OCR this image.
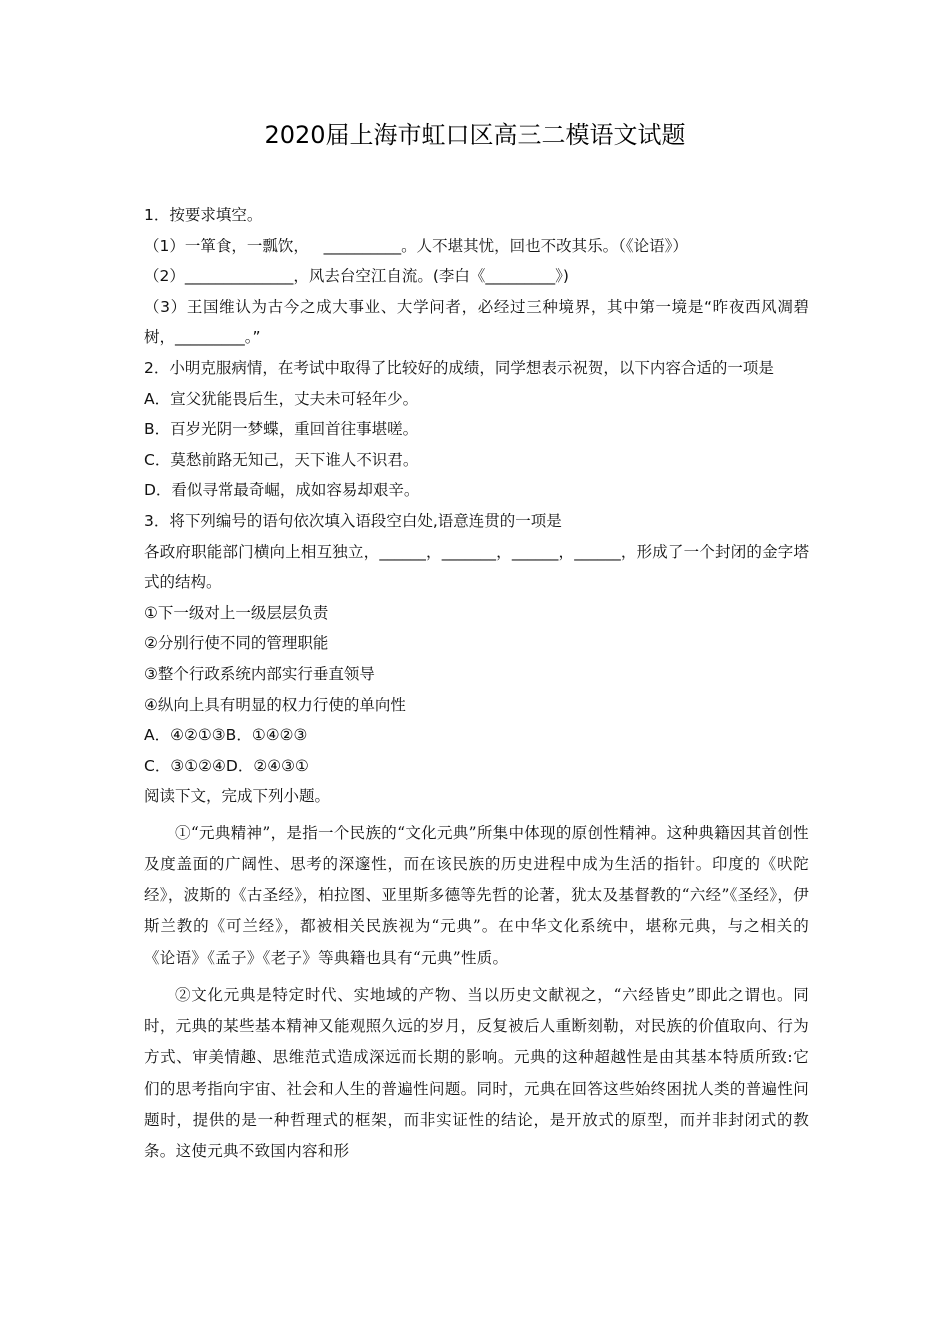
2020届上海市虹口区高三二模语文试题
1．按要求填空。
（1）一箪食，一瓢饮，   __________。人不堪其忧，回也不改其乐。（《论语》）
（2）______________，风去台空江自流。(李白《_________》)
（3）王国维认为古今之成大事业、大学问者，必经过三种境界，其中第一境是“昨夜西风凋碧树，_________。”
2．小明克服病情，在考试中取得了比较好的成绩，同学想表示祝贺，以下内容合适的一项是
A．宣父犹能畏后生，丈夫未可轻年少。
B．百岁光阴一梦蝶，重回首往事堪嗟。
C．莫愁前路无知己，天下谁人不识君。
D．看似寻常最奇崛，成如容易却艰辛。
3．将下列编号的语句依次填入语段空白处,语意连贯的一项是
各政府职能部门横向上相互独立，______，_______，______，______，形成了一个封闭的金字塔式的结构。
①下一级对上一级层层负责
②分别行使不同的管理职能
③整个行政系统内部实行垂直领导
④纵向上具有明显的权力行使的单向性
A．④②①③B．①④②③
C．③①②④D．②④③①
阅读下文，完成下列小题。
①“元典精神”，是指一个民族的“文化元典”所集中体现的原创性精神。这种典籍因其首创性及度盖面的广阔性、思考的深邃性，而在该民族的历史进程中成为生活的指针。印度的《吠陀经》，波斯的《古圣经》，柏拉图、亚里斯多德等先哲的论著，犹太及基督教的“六经”《圣经》，伊斯兰教的《可兰经》，都被相关民族视为“元典”。在中华文化系统中，堪称元典，与之相关的《论语》《孟子》《老子》等典籍也具有“元典”性质。
②文化元典是特定时代、实地域的产物、当以历史文献视之，“六经皆史”即此之谓也。同时，元典的某些基本精神又能观照久远的岁月，反复被后人重断刻勒，对民族的价值取向、行为方式、审美情趣、思维范式造成深远而长期的影响。元典的这种超越性是由其基本特质所致:它们的思考指向宇宙、社会和人生的普遍性问题。同时，元典在回答这些始终困扰人类的普遍性问题时，提供的是一种哲理式的框架，而非实证性的结论，是开放式的原型，而并非封闭式的教条。这使元典不致国内容和形
